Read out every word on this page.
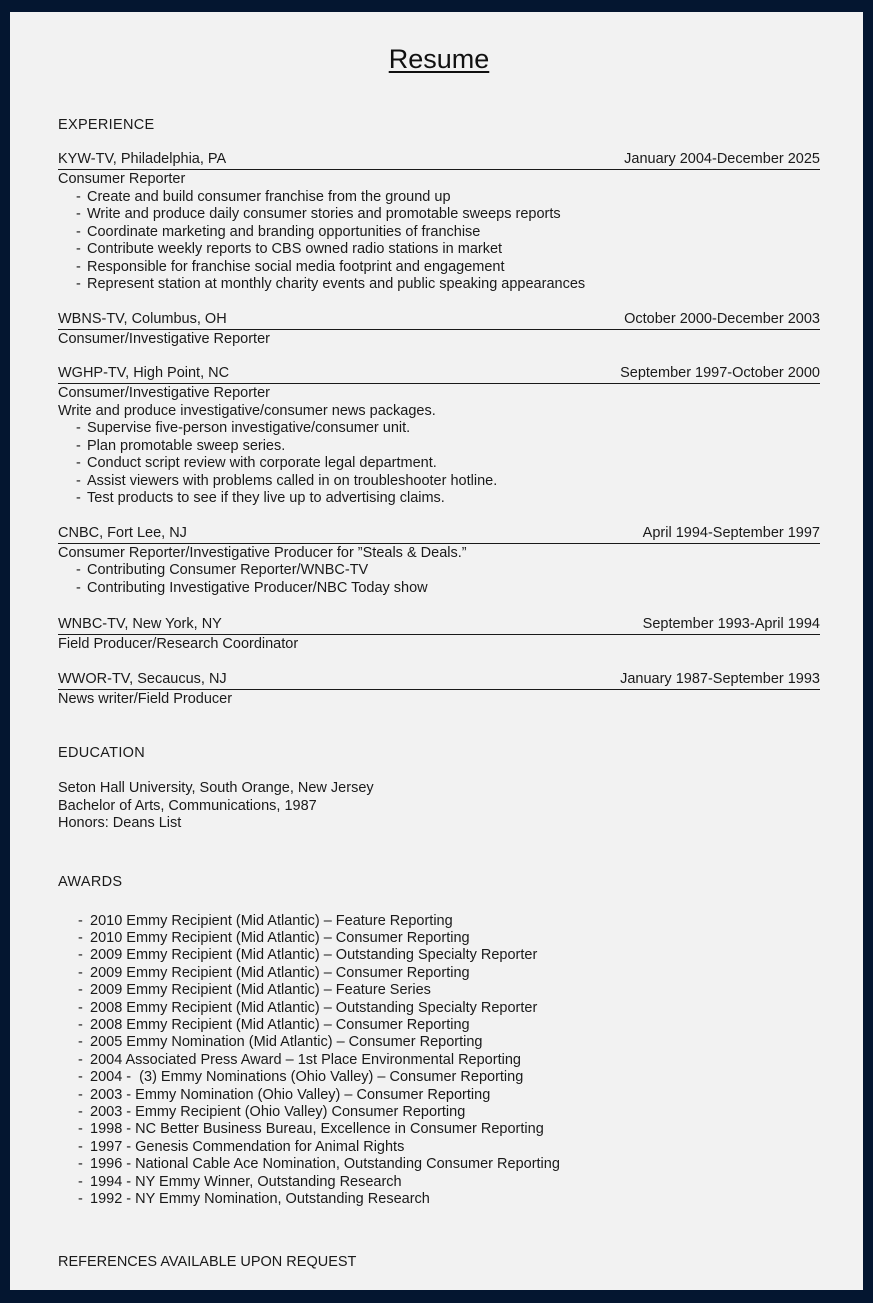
Resume
EXPERIENCE
KYW-TV, Philadelphia, PA	January 2004-December 2025
Consumer Reporter
- Create and build consumer franchise from the ground up
- Write and produce daily consumer stories and promotable sweeps reports
- Coordinate marketing and branding opportunities of franchise
- Contribute weekly reports to CBS owned radio stations in market
- Responsible for franchise social media footprint and engagement
- Represent station at monthly charity events and public speaking appearances
WBNS-TV, Columbus, OH	October 2000-December 2003
Consumer/Investigative Reporter
WGHP-TV, High Point, NC	September 1997-October 2000
Consumer/Investigative Reporter
Write and produce investigative/consumer news packages.
- Supervise five-person investigative/consumer unit.
- Plan promotable sweep series.
- Conduct script review with corporate legal department.
- Assist viewers with problems called in on troubleshooter hotline.
- Test products to see if they live up to advertising claims.
CNBC, Fort Lee, NJ	April 1994-September 1997
Consumer Reporter/Investigative Producer for ”Steals & Deals.”
- Contributing Consumer Reporter/WNBC-TV
- Contributing Investigative Producer/NBC Today show
WNBC-TV, New York, NY	September 1993-April 1994
Field Producer/Research Coordinator
WWOR-TV, Secaucus, NJ	January 1987-September 1993
News writer/Field Producer
EDUCATION
Seton Hall University, South Orange, New Jersey
Bachelor of Arts, Communications, 1987
Honors: Deans List
AWARDS
- 2010 Emmy Recipient (Mid Atlantic) – Feature Reporting
- 2010 Emmy Recipient (Mid Atlantic) – Consumer Reporting
- 2009 Emmy Recipient (Mid Atlantic) – Outstanding Specialty Reporter
- 2009 Emmy Recipient (Mid Atlantic) – Consumer Reporting
- 2009 Emmy Recipient (Mid Atlantic) – Feature Series
- 2008 Emmy Recipient (Mid Atlantic) – Outstanding Specialty Reporter
- 2008 Emmy Recipient (Mid Atlantic) – Consumer Reporting
- 2005 Emmy Nomination (Mid Atlantic) – Consumer Reporting
- 2004 Associated Press Award – 1st Place Environmental Reporting
- 2004 -  (3) Emmy Nominations (Ohio Valley) – Consumer Reporting
- 2003 - Emmy Nomination (Ohio Valley) – Consumer Reporting
- 2003 - Emmy Recipient (Ohio Valley) Consumer Reporting
- 1998 - NC Better Business Bureau, Excellence in Consumer Reporting
- 1997 - Genesis Commendation for Animal Rights
- 1996 - National Cable Ace Nomination, Outstanding Consumer Reporting
- 1994 - NY Emmy Winner, Outstanding Research
- 1992 - NY Emmy Nomination, Outstanding Research
REFERENCES AVAILABLE UPON REQUEST
